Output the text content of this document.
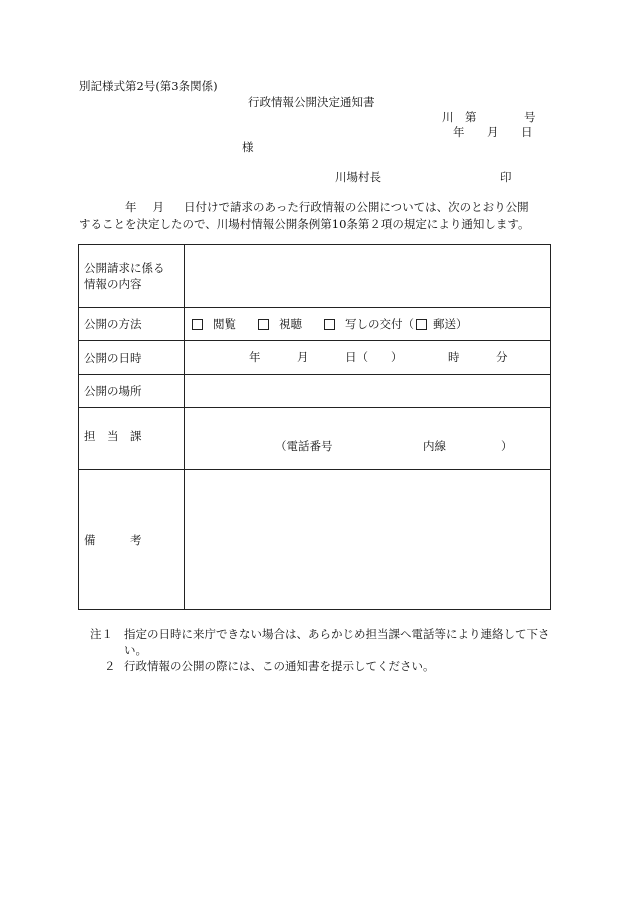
別記様式第2号(第3条関係)
行政情報公開決定通知書
川　第	号
年 月 日
様
川場村長	印

年 月 日付けで請求のあった行政情報の公開については、次のとおり公開

することを決定したので、川場村情報公開条例第10条第２項の規定により通知します。

公開請求に係る
情報の内容	

公開の方法	閲覧 視聴 写しの交付（ 郵送）

公開の日時	年 月 日（　　） 時 分

公開の場所	
担　当　課	（電話番号 内線 ）

備　　　考	
注１ 指定の日時に来庁できない場合は、あらかじめ担当課へ電話等により連絡して下さい。
２ 行政情報の公開の際には、この通知書を提示してください。
